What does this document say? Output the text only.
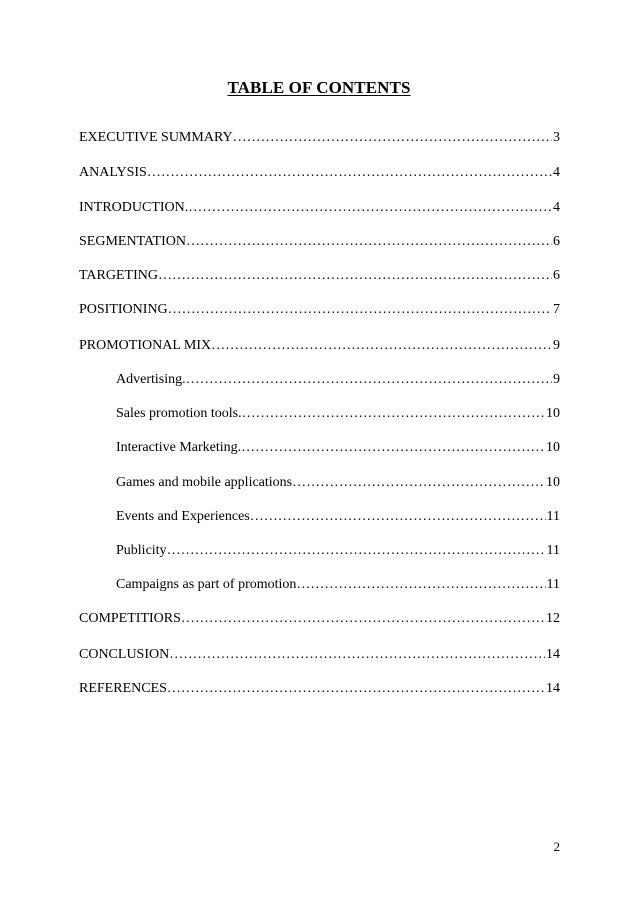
TABLE OF CONTENTS
EXECUTIVE SUMMARY ……………………………………………………………………………………………………………………………………………………………………	3
ANALYSIS ……………………………………………………………………………………………………………………………………………………………………	4
INTRODUCTION. ……………………………………………………………………………………………………………………………………………………………………	4
SEGMENTATION ……………………………………………………………………………………………………………………………………………………………………	6
TARGETING ……………………………………………………………………………………………………………………………………………………………………	6
POSITIONING ……………………………………………………………………………………………………………………………………………………………………	7
PROMOTIONAL MIX ……………………………………………………………………………………………………………………………………………………………………	9
Advertising. ……………………………………………………………………………………………………………………………………………………………………	9
Sales promotion tools. ……………………………………………………………………………………………………………………………………………………………………	10
Interactive Marketing. ……………………………………………………………………………………………………………………………………………………………………	10
Games and mobile applications ……………………………………………………………………………………………………………………………………………………………………	10
Events and Experiences ……………………………………………………………………………………………………………………………………………………………………	11
Publicity ……………………………………………………………………………………………………………………………………………………………………	11
Campaigns as part of promotion ……………………………………………………………………………………………………………………………………………………………………	11
COMPETITIORS ……………………………………………………………………………………………………………………………………………………………………	12
CONCLUSION ……………………………………………………………………………………………………………………………………………………………………	14
REFERENCES ……………………………………………………………………………………………………………………………………………………………………	14
2
